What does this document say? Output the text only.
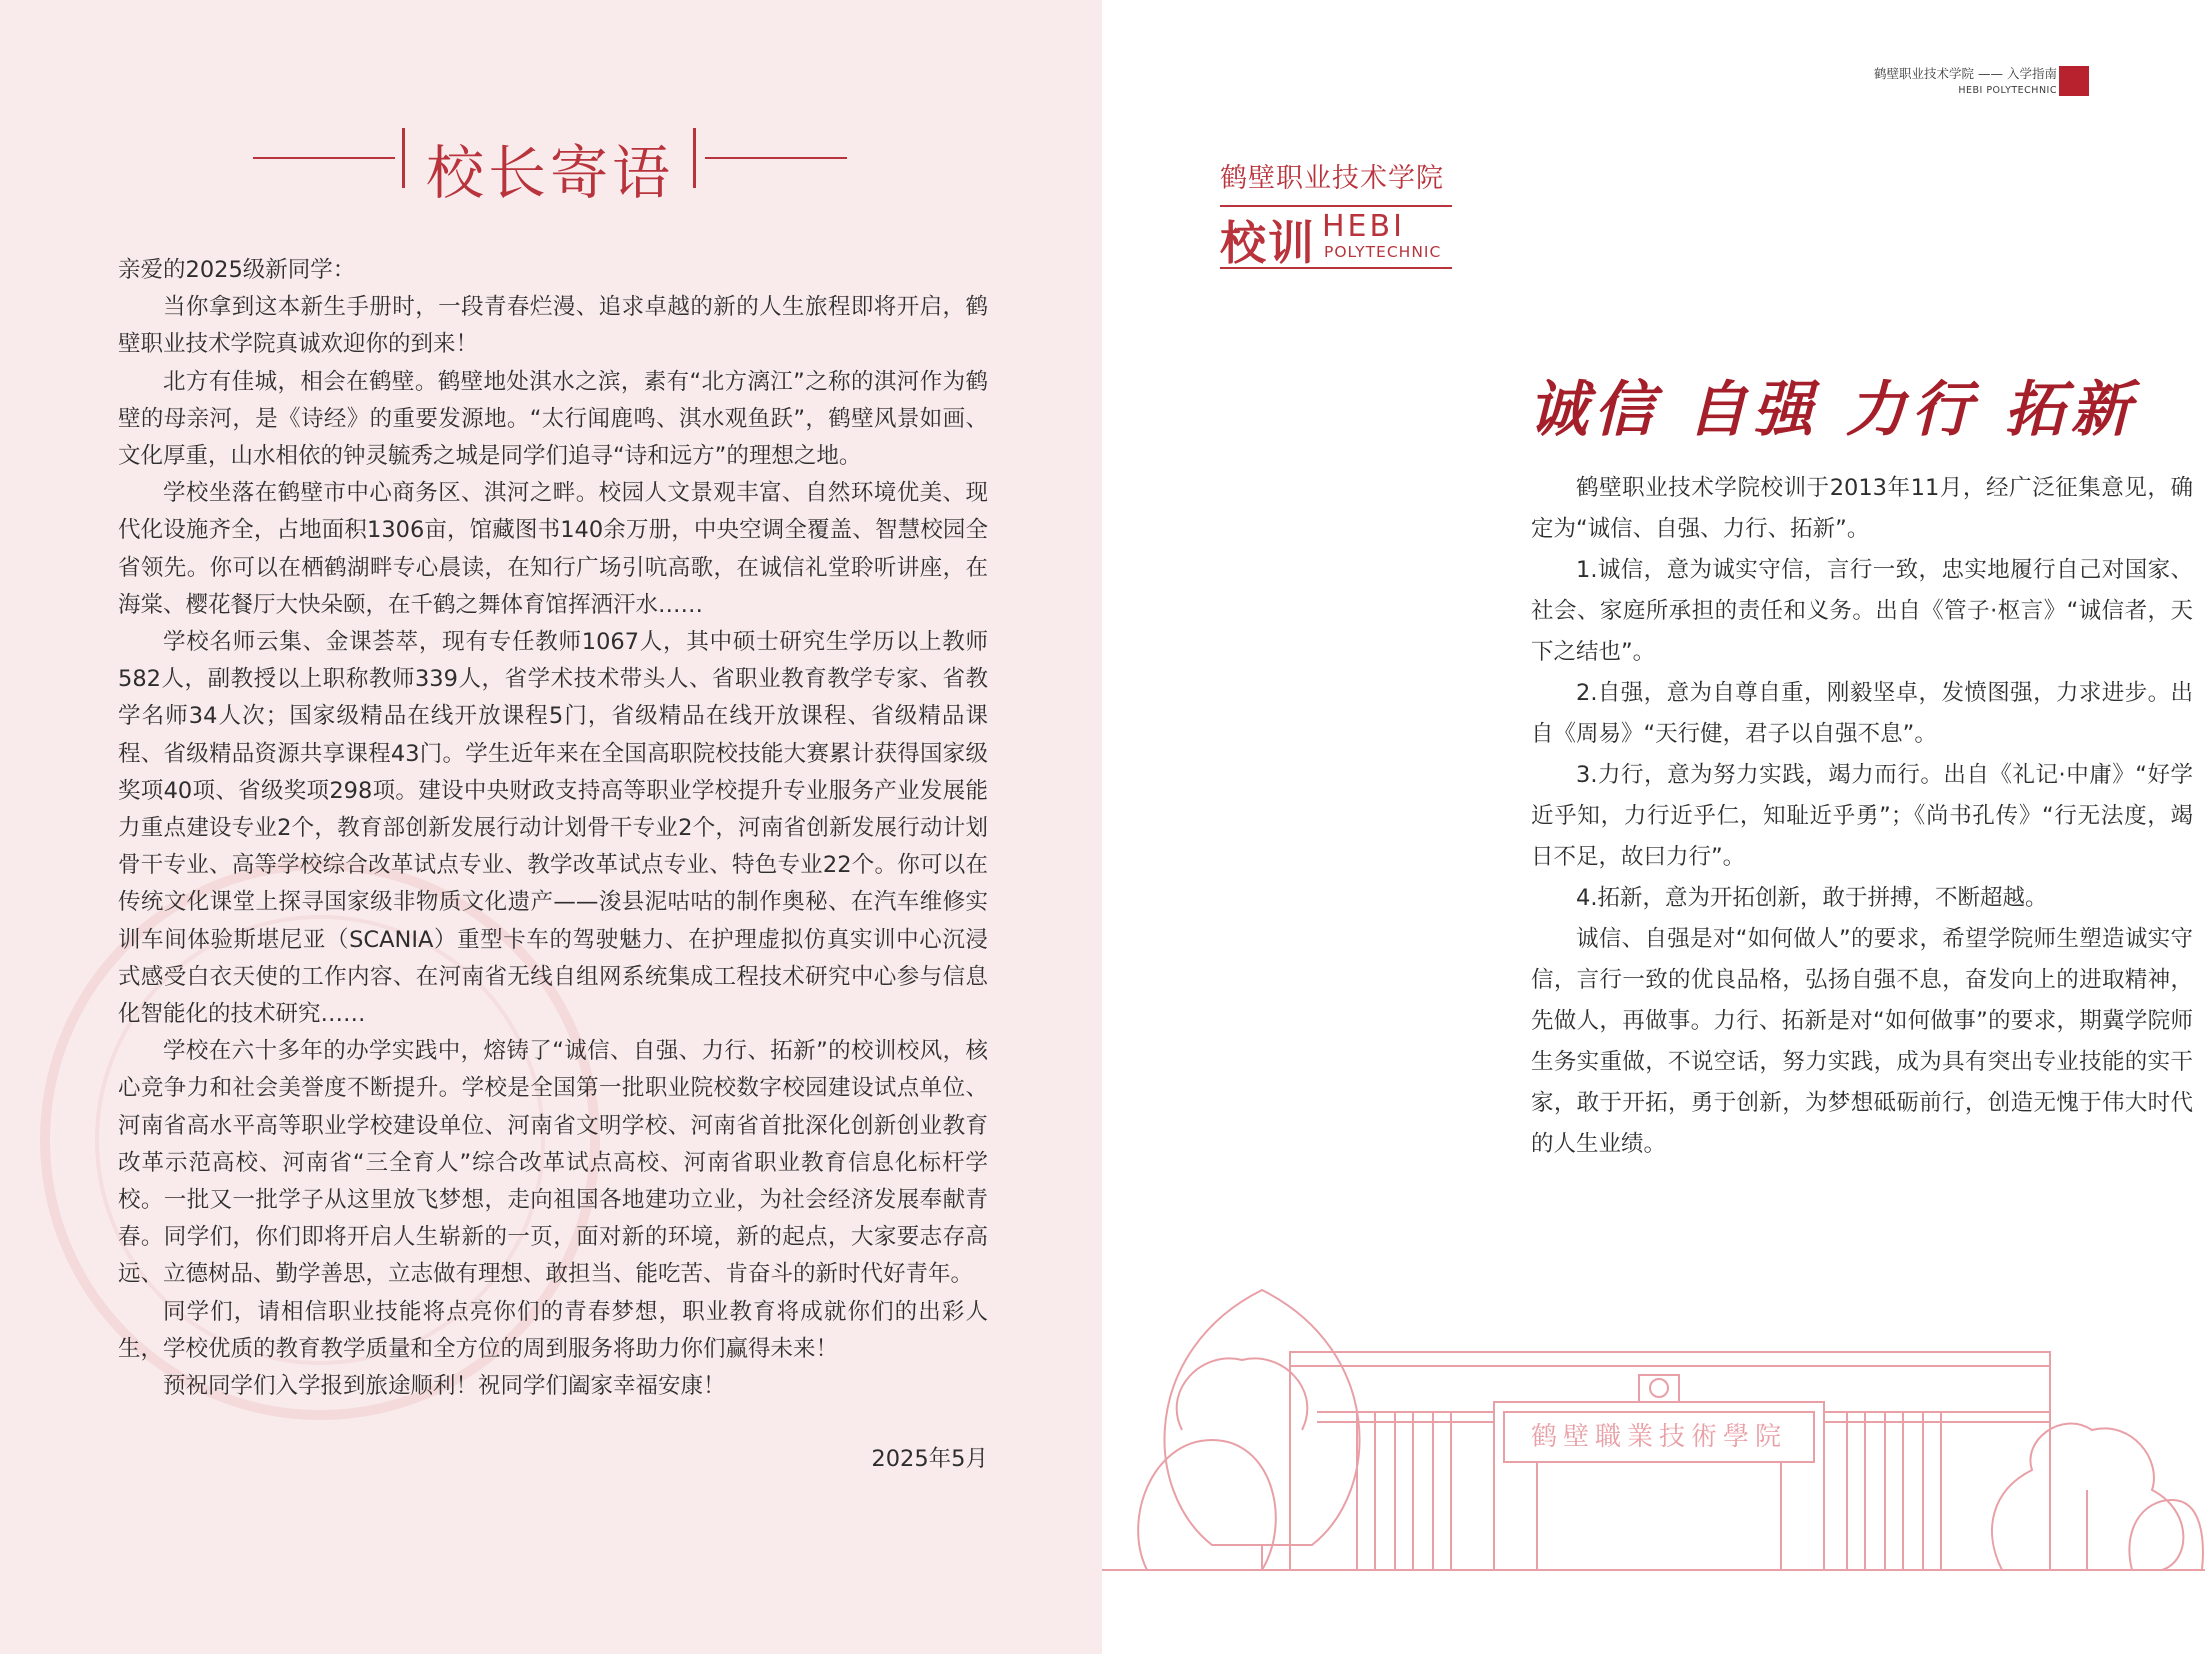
校长寄语

亲爱的2025级新同学：

当你拿到这本新生手册时，一段青春烂漫、追求卓越的新的人生旅程即将开启，鹤壁职业技术学院真诚欢迎你的到来！

北方有佳城，相会在鹤壁。鹤壁地处淇水之滨，素有“北方漓江”之称的淇河作为鹤壁的母亲河，是《诗经》的重要发源地。“太行闻鹿鸣、淇水观鱼跃”，鹤壁风景如画、文化厚重，山水相依的钟灵毓秀之城是同学们追寻“诗和远方”的理想之地。

学校坐落在鹤壁市中心商务区、淇河之畔。校园人文景观丰富、自然环境优美、现代化设施齐全，占地面积1306亩，馆藏图书140余万册，中央空调全覆盖、智慧校园全省领先。你可以在栖鹤湖畔专心晨读，在知行广场引吭高歌，在诚信礼堂聆听讲座，在海棠、樱花餐厅大快朵颐，在千鹤之舞体育馆挥洒汗水……

学校名师云集、金课荟萃，现有专任教师1067人，其中硕士研究生学历以上教师582人，副教授以上职称教师339人，省学术技术带头人、省职业教育教学专家、省教学名师34人次；国家级精品在线开放课程5门，省级精品在线开放课程、省级精品课程、省级精品资源共享课程43门。学生近年来在全国高职院校技能大赛累计获得国家级奖项40项、省级奖项298项。建设中央财政支持高等职业学校提升专业服务产业发展能力重点建设专业2个，教育部创新发展行动计划骨干专业2个，河南省创新发展行动计划骨干专业、高等学校综合改革试点专业、教学改革试点专业、特色专业22个。你可以在传统文化课堂上探寻国家级非物质文化遗产——浚县泥咕咕的制作奥秘、在汽车维修实训车间体验斯堪尼亚（SCANIA）重型卡车的驾驶魅力、在护理虚拟仿真实训中心沉浸式感受白衣天使的工作内容、在河南省无线自组网系统集成工程技术研究中心参与信息化智能化的技术研究……

学校在六十多年的办学实践中，熔铸了“诚信、自强、力行、拓新”的校训校风，核心竞争力和社会美誉度不断提升。学校是全国第一批职业院校数字校园建设试点单位、河南省高水平高等职业学校建设单位、河南省文明学校、河南省首批深化创新创业教育改革示范高校、河南省“三全育人”综合改革试点高校、河南省职业教育信息化标杆学校。一批又一批学子从这里放飞梦想，走向祖国各地建功立业，为社会经济发展奉献青春。同学们，你们即将开启人生崭新的一页，面对新的环境，新的起点，大家要志存高远、立德树品、勤学善思，立志做有理想、敢担当、能吃苦、肯奋斗的新时代好青年。

同学们，请相信职业技能将点亮你们的青春梦想，职业教育将成就你们的出彩人生，学校优质的教育教学质量和全方位的周到服务将助力你们赢得未来！

预祝同学们入学报到旅途顺利！祝同学们阖家幸福安康！

2025年5月

鹤壁职业技术学院 —— 入学指南
HEBI POLYTECHNIC
鹤壁职业技术学院
校训 HEBI
POLYTECHNIC
诚信 自强 力行 拓新

鹤壁职业技术学院校训于2013年11月，经广泛征集意见，确定为“诚信、自强、力行、拓新”。

1.诚信，意为诚实守信，言行一致，忠实地履行自己对国家、社会、家庭所承担的责任和义务。出自《管子·枢言》“诚信者，天下之结也”。

2.自强，意为自尊自重，刚毅坚卓，发愤图强，力求进步。出自《周易》“天行健，君子以自强不息”。

3.力行，意为努力实践，竭力而行。出自《礼记·中庸》“好学近乎知，力行近乎仁，知耻近乎勇”；《尚书孔传》“行无法度，竭日不足，故曰力行”。

4.拓新，意为开拓创新，敢于拼搏，不断超越。

诚信、自强是对“如何做人”的要求，希望学院师生塑造诚实守信，言行一致的优良品格，弘扬自强不息，奋发向上的进取精神，先做人，再做事。力行、拓新是对“如何做事”的要求，期冀学院师生务实重做，不说空话，努力实践，成为具有突出专业技能的实干家，敢于开拓，勇于创新，为梦想砥砺前行，创造无愧于伟大时代的人生业绩。

鹤壁職業技術學院
